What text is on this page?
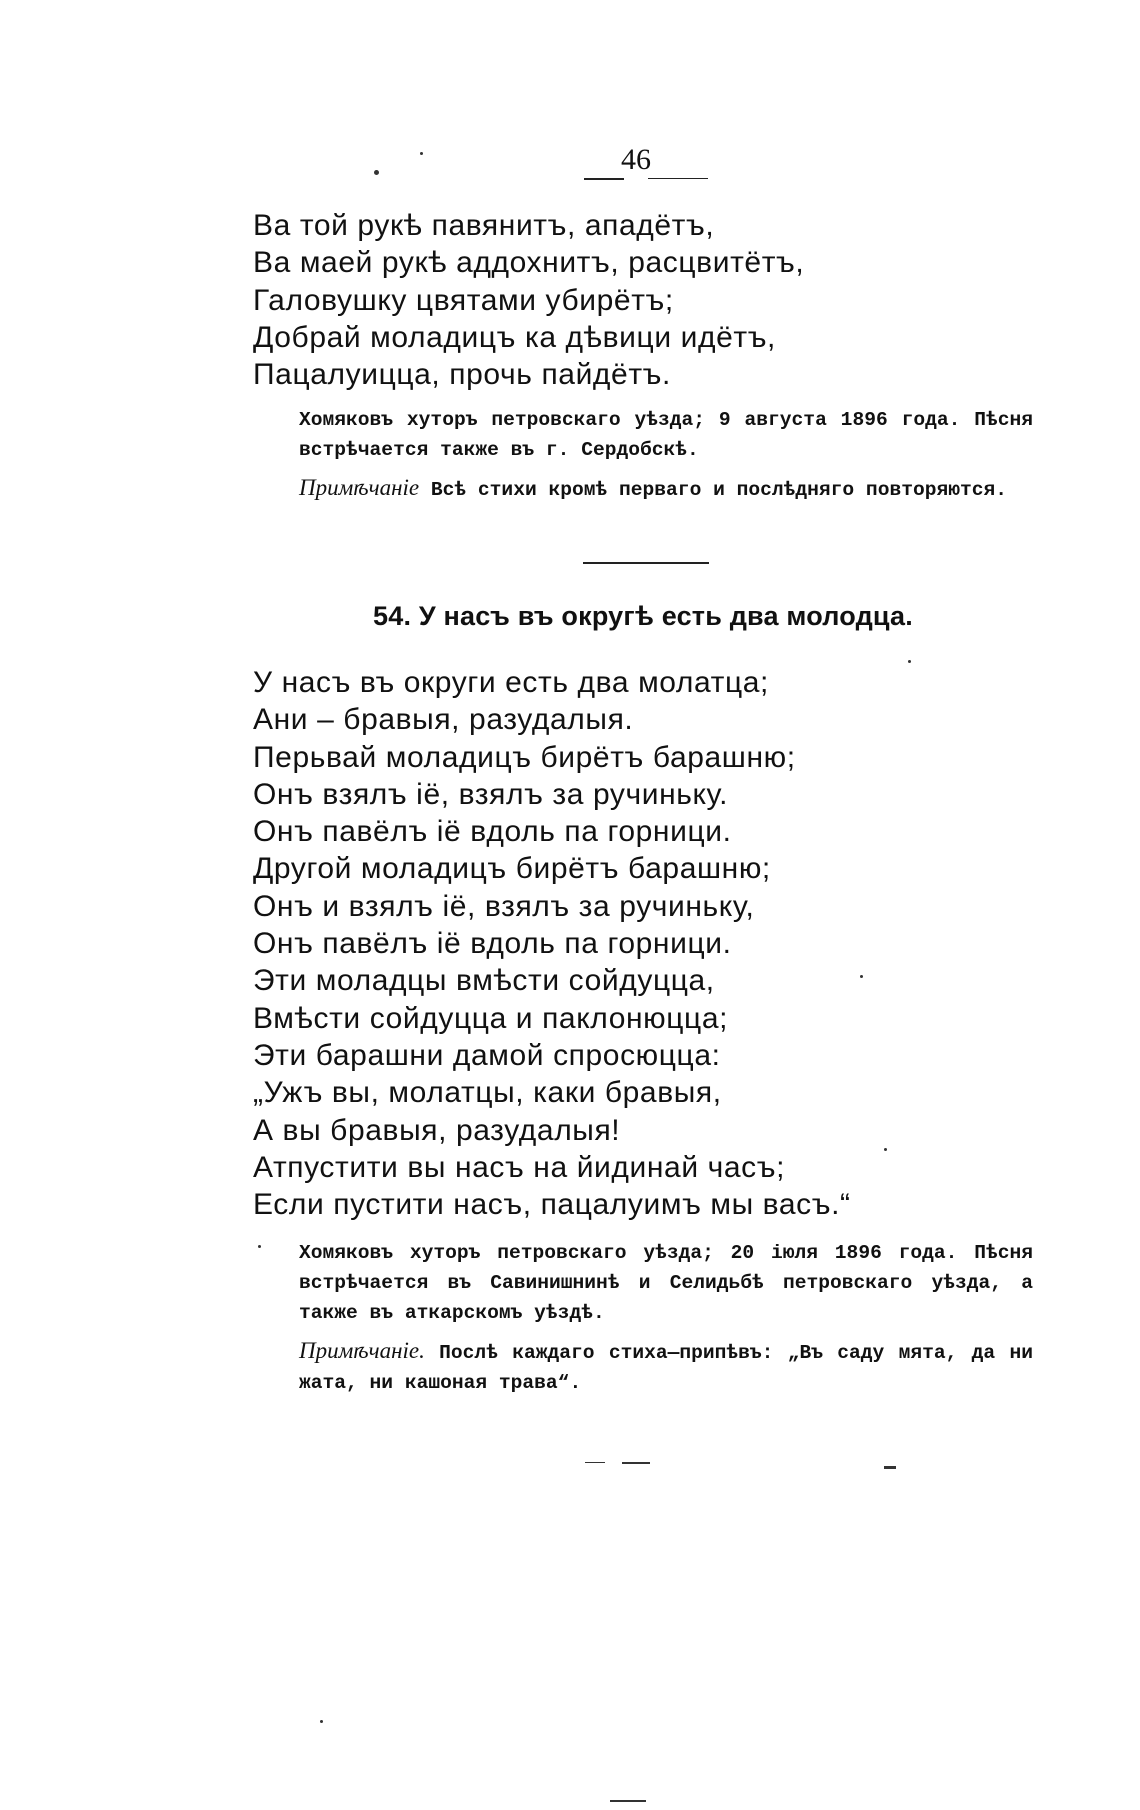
46
Ва той рукѣ павянитъ, ападётъ,
Ва маей рукѣ аддохнитъ, расцвитётъ,
Галовушку цвятами убирётъ;
Добрай моладицъ ка дѣвици идётъ,
Пацалуицца, прочь пайдётъ.

Хомяковъ хуторъ петровскаго уѣзда; 9 августа 1896 года. Пѣсня встрѣчается также въ г. Сердобскѣ.

Примѣчаніе Всѣ стихи кромѣ перваго и послѣдняго повторяются.

54. У насъ въ округѣ есть два молодца.
У насъ въ округи есть два молатца;
Ани – бравыя, разудалыя.
Перьвай моладицъ бирётъ барашню;
Онъ взялъ іё, взялъ за ручиньку.
Онъ павёлъ іё вдоль па горници.
Другой моладицъ бирётъ барашню;
Онъ и взялъ іё, взялъ за ручиньку,
Онъ павёлъ іё вдоль па горници.
Эти моладцы вмѣсти сойдуцца,
Вмѣсти сойдуцца и паклонюцца;
Эти барашни дамой спросюцца:
„Ужъ вы, молатцы, каки бравыя,
А вы бравыя, разудалыя!
Атпустити вы насъ на йидинай часъ;
Если пустити насъ, пацалуимъ мы васъ.“

Хомяковъ хуторъ петровскаго уѣзда; 20 іюля 1896 года. Пѣсня встрѣчается въ Савинишнинѣ и Селидьбѣ петровскаго уѣзда, а также въ аткарскомъ уѣздѣ.

Примѣчаніе. Послѣ каждаго стиха—припѣвъ: „Въ саду мята, да ни жата, ни кашоная трава“.
